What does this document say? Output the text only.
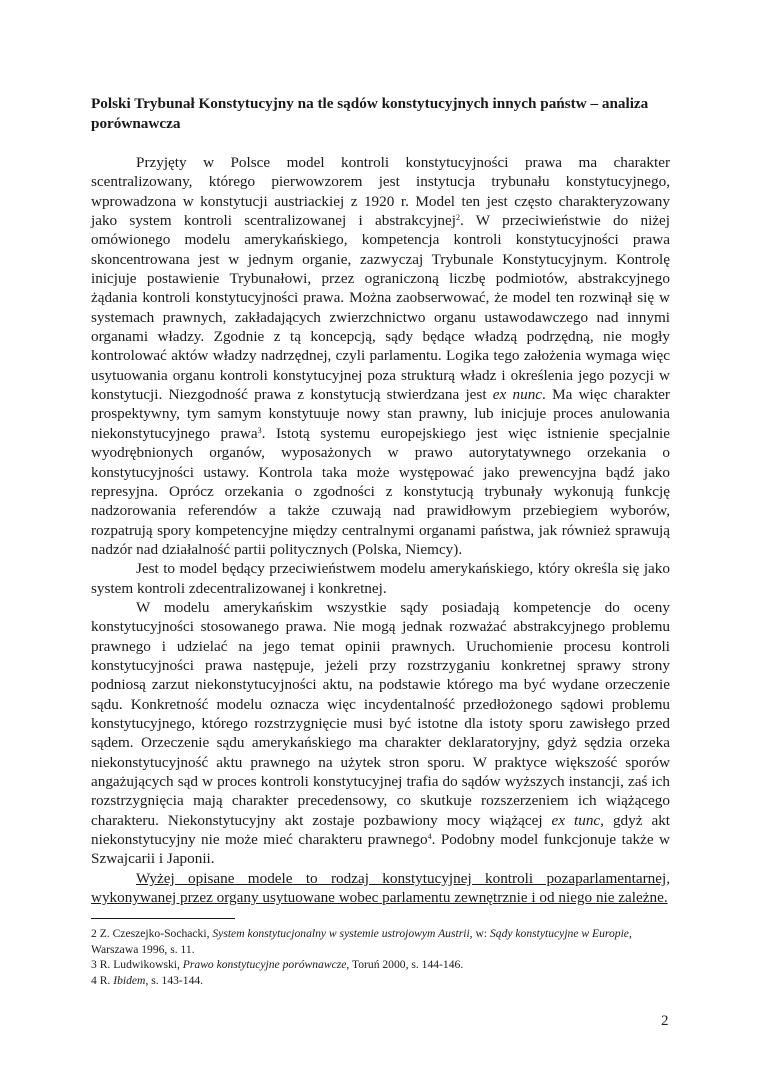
Polski Trybunał Konstytucyjny na tle sądów konstytucyjnych innych państw – analiza porównawcza

Przyjęty w Polsce model kontroli konstytucyjności prawa ma charakter scentralizowany, którego pierwowzorem jest instytucja trybunału konstytucyjnego, wprowadzona w konstytucji austriackiej z 1920 r. Model ten jest często charakteryzowany jako system kontroli scentralizowanej i abstrakcyjnej$^2$. W przeciwieństwie do niżej omówionego modelu amerykańskiego, kompetencja kontroli konstytucyjności prawa skoncentrowana jest w jednym organie, zazwyczaj Trybunale Konstytucyjnym. Kontrolę inicjuje postawienie Trybunałowi, przez ograniczoną liczbę podmiotów, abstrakcyjnego żądania kontroli konstytucyjności prawa. Można zaobserwować, że model ten rozwinął się w systemach prawnych, zakładających zwierzchnictwo organu ustawodawczego nad innymi organami władzy. Zgodnie z tą koncepcją, sądy będące władzą podrzędną, nie mogły kontrolować aktów władzy nadrzędnej, czyli parlamentu. Logika tego założenia wymaga więc usytuowania organu kontroli konstytucyjnej poza strukturą władz i określenia jego pozycji w konstytucji. Niezgodność prawa z konstytucją stwierdzana jest ex nunc. Ma więc charakter prospektywny, tym samym konstytuuje nowy stan prawny, lub inicjuje proces anulowania niekonstytucyjnego prawa$^3$. Istotą systemu europejskiego jest więc istnienie specjalnie wyodrębnionych organów, wyposażonych w prawo autorytatywnego orzekania o konstytucyjności ustawy. Kontrola taka może występować jako prewencyjna bądź jako represyjna. Oprócz orzekania o zgodności z konstytucją trybunały wykonują funkcję nadzorowania referendów a także czuwają nad prawidłowym przebiegiem wyborów, rozpatrują spory kompetencyjne między centralnymi organami państwa, jak również sprawują nadzór nad działalność partii politycznych (Polska, Niemcy).

Jest to model będący przeciwieństwem modelu amerykańskiego, który określa się jako system kontroli zdecentralizowanej i konkretnej.

W modelu amerykańskim wszystkie sądy posiadają kompetencje do oceny konstytucyjności stosowanego prawa. Nie mogą jednak rozważać abstrakcyjnego problemu prawnego i udzielać na jego temat opinii prawnych. Uruchomienie procesu kontroli konstytucyjności prawa następuje, jeżeli przy rozstrzyganiu konkretnej sprawy strony podniosą zarzut niekonstytucyjności aktu, na podstawie którego ma być wydane orzeczenie sądu. Konkretność modelu oznacza więc incydentalność przedłożonego sądowi problemu konstytucyjnego, którego rozstrzygnięcie musi być istotne dla istoty sporu zawisłego przed sądem. Orzeczenie sądu amerykańskiego ma charakter deklaratoryjny, gdyż sędzia orzeka niekonstytucyjność aktu prawnego na użytek stron sporu. W praktyce większość sporów angażujących sąd w proces kontroli konstytucyjnej trafia do sądów wyższych instancji, zaś ich rozstrzygnięcia mają charakter precedensowy, co skutkuje rozszerzeniem ich wiążącego charakteru. Niekonstytucyjny akt zostaje pozbawiony mocy wiążącej ex tunc, gdyż akt niekonstytucyjny nie może mieć charakteru prawnego$^4$. Podobny model funkcjonuje także w Szwajcarii i Japonii.

Wyżej opisane modele to rodzaj konstytucyjnej kontroli pozaparlamentarnej, wykonywanej przez organy usytuowane wobec parlamentu zewnętrznie i od niego nie zależne.

2 Z. Czeszejko-Sochacki, System konstytucjonalny w systemie ustrojowym Austrii, w: Sądy konstytucyjne w Europie, Warszawa 1996, s. 11.

3 R. Ludwikowski, Prawo konstytucyjne porównawcze, Toruń 2000, s. 144-146.

4 R. Ibidem, s. 143-144.

2
